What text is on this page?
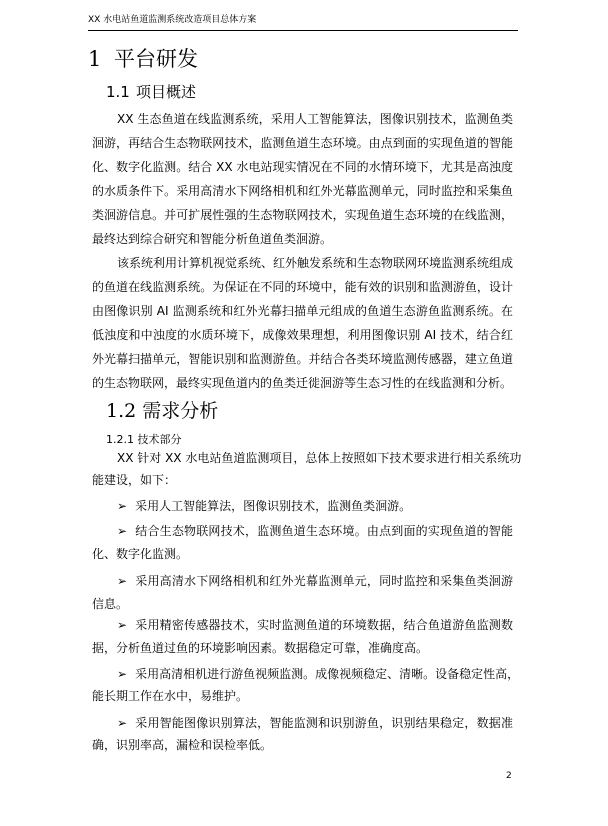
XX 水电站鱼道监测系统改造项目总体方案
1 平台研发
1.1 项目概述
XX 生态鱼道在线监测系统，采用人工智能算法，图像识别技术，监测鱼类
洄游，再结合生态物联网技术，监测鱼道生态环境。由点到面的实现鱼道的智能
化、数字化监测。结合 XX 水电站现实情况在不同的水情环境下，尤其是高浊度
的水质条件下。采用高清水下网络相机和红外光幕监测单元，同时监控和采集鱼
类洄游信息。并可扩展性强的生态物联网技术，实现鱼道生态环境的在线监测，
最终达到综合研究和智能分析鱼道鱼类洄游。
该系统利用计算机视觉系统、红外触发系统和生态物联网环境监测系统组成
的鱼道在线监测系统。为保证在不同的环境中，能有效的识别和监测游鱼，设计
由图像识别 AI 监测系统和红外光幕扫描单元组成的鱼道生态游鱼监测系统。在
低浊度和中浊度的水质环境下，成像效果理想，利用图像识别 AI 技术，结合红
外光幕扫描单元，智能识别和监测游鱼。并结合各类环境监测传感器，建立鱼道
的生态物联网，最终实现鱼道内的鱼类迁徙洄游等生态习性的在线监测和分析。
1.2 需求分析
1.2.1 技术部分
XX 针对 XX 水电站鱼道监测项目，总体上按照如下技术要求进行相关系统功
能建设，如下：
➢ 采用人工智能算法，图像识别技术，监测鱼类洄游。
➢ 结合生态物联网技术，监测鱼道生态环境。由点到面的实现鱼道的智能
化、数字化监测。
➢ 采用高清水下网络相机和红外光幕监测单元，同时监控和采集鱼类洄游
信息。
➢ 采用精密传感器技术，实时监测鱼道的环境数据，结合鱼道游鱼监测数
据，分析鱼道过鱼的环境影响因素。数据稳定可靠，准确度高。
➢ 采用高清相机进行游鱼视频监测。成像视频稳定、清晰。设备稳定性高，
能长期工作在水中，易维护。
➢ 采用智能图像识别算法，智能监测和识别游鱼，识别结果稳定，数据准
确，识别率高，漏检和误检率低。
2
